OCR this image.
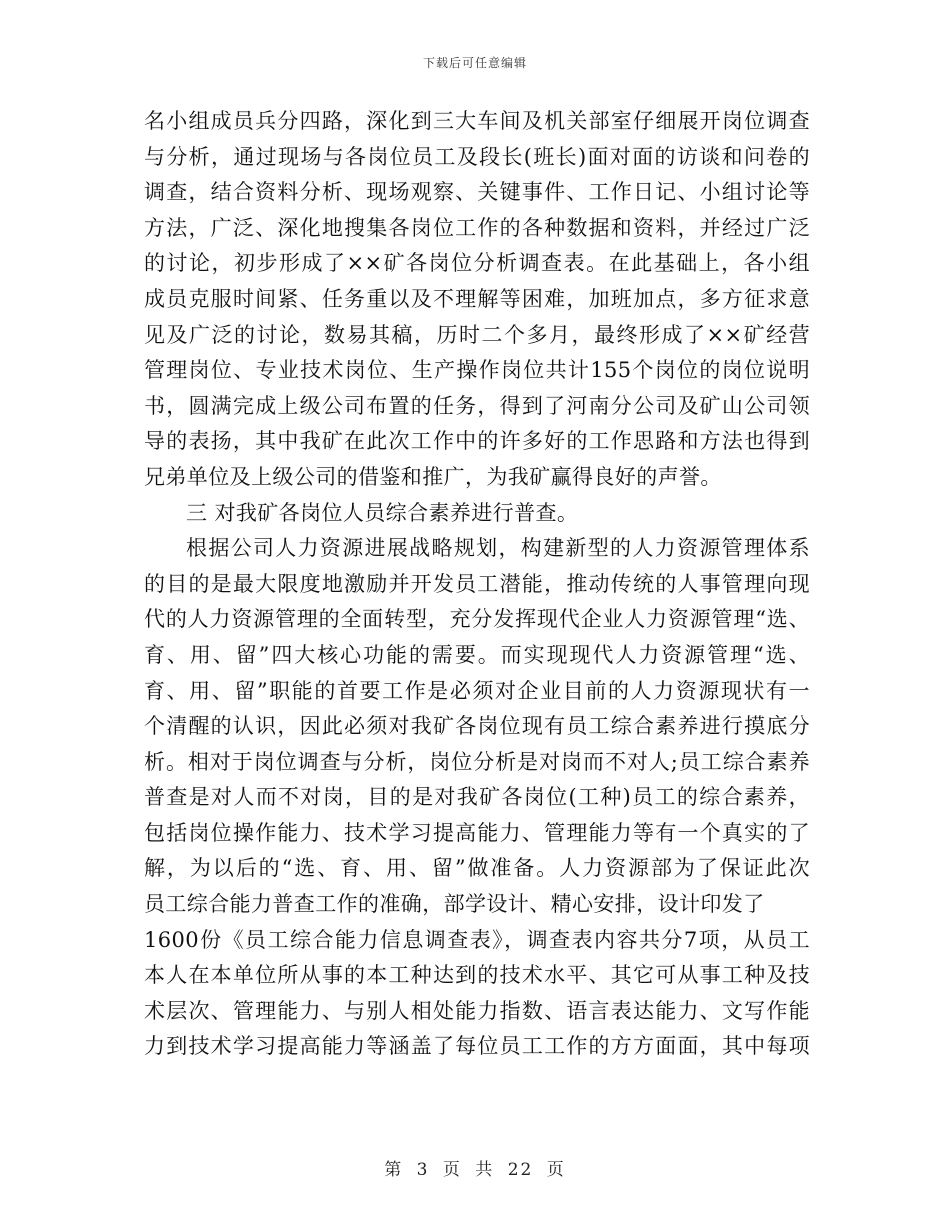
下载后可任意编辑
名小组成员兵分四路，深化到三大车间及机关部室仔细展开岗位调查
与分析，通过现场与各岗位员工及段长(班长)面对面的访谈和问卷的
调查，结合资料分析、现场观察、关键事件、工作日记、小组讨论等
方法，广泛、深化地搜集各岗位工作的各种数据和资料，并经过广泛
的讨论，初步形成了××矿各岗位分析调查表。在此基础上，各小组
成员克服时间紧、任务重以及不理解等困难，加班加点，多方征求意
见及广泛的讨论，数易其稿，历时二个多月，最终形成了××矿经营
管理岗位、专业技术岗位、生产操作岗位共计155个岗位的岗位说明
书，圆满完成上级公司布置的任务，得到了河南分公司及矿山公司领
导的表扬，其中我矿在此次工作中的许多好的工作思路和方法也得到
兄弟单位及上级公司的借鉴和推广，为我矿赢得良好的声誉。
三 对我矿各岗位人员综合素养进行普查。
根据公司人力资源进展战略规划，构建新型的人力资源管理体系
的目的是最大限度地激励并开发员工潜能，推动传统的人事管理向现
代的人力资源管理的全面转型，充分发挥现代企业人力资源管理“选、
育、用、留”四大核心功能的需要。而实现现代人力资源管理“选、
育、用、留”职能的首要工作是必须对企业目前的人力资源现状有一
个清醒的认识，因此必须对我矿各岗位现有员工综合素养进行摸底分
析。相对于岗位调查与分析，岗位分析是对岗而不对人;员工综合素养
普查是对人而不对岗，目的是对我矿各岗位(工种)员工的综合素养，
包括岗位操作能力、技术学习提高能力、管理能力等有一个真实的了
解，为以后的“选、育、用、留”做准备。人力资源部为了保证此次
员工综合能力普查工作的准确，部学设计、精心安排，设计印发了
1600份《员工综合能力信息调查表》，调查表内容共分7项，从员工
本人在本单位所从事的本工种达到的技术水平、其它可从事工种及技
术层次、管理能力、与别人相处能力指数、语言表达能力、文写作能
力到技术学习提高能力等涵盖了每位员工工作的方方面面，其中每项
第 3 页 共 22 页
